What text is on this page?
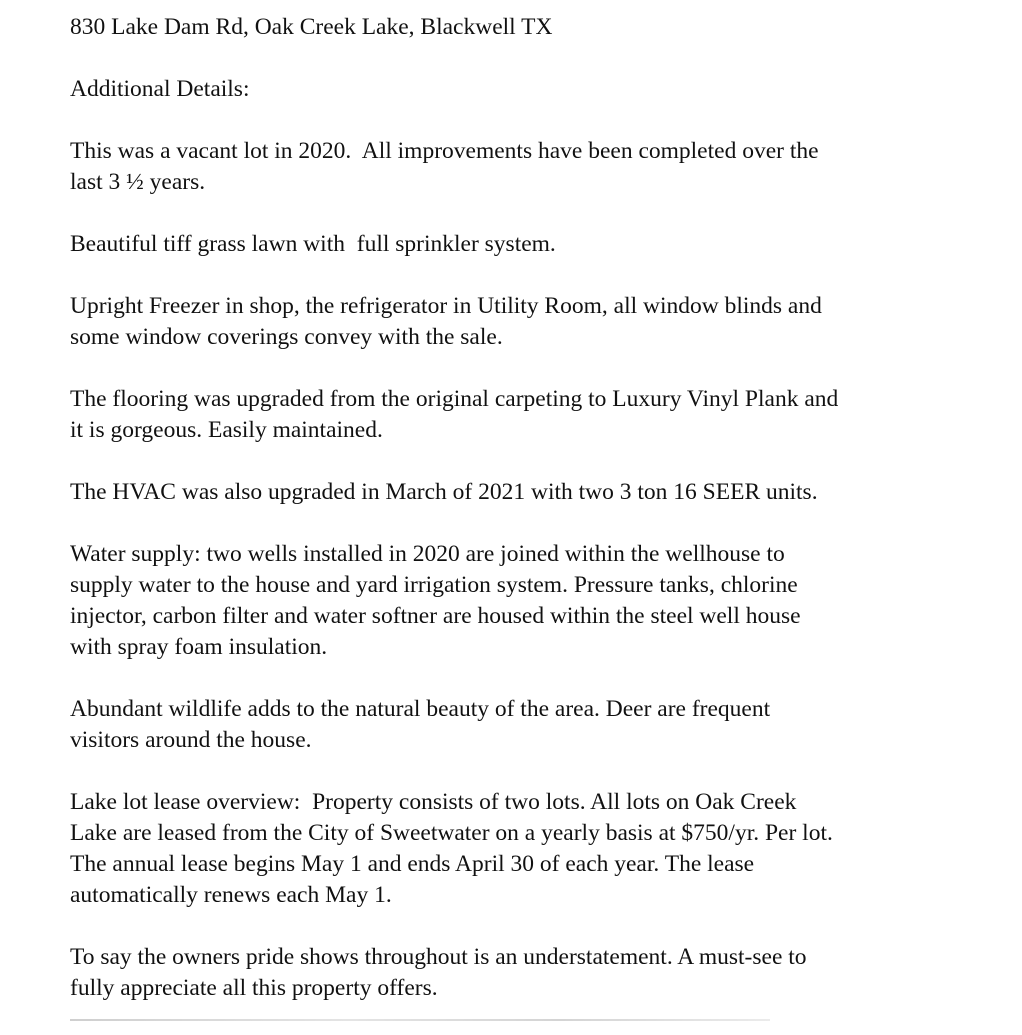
830 Lake Dam Rd, Oak Creek Lake, Blackwell TX

Additional Details:

This was a vacant lot in 2020.  All improvements have been completed over the
last 3 ½ years.

Beautiful tiff grass lawn with  full sprinkler system.

Upright Freezer in shop, the refrigerator in Utility Room, all window blinds and
some window coverings convey with the sale.

The flooring was upgraded from the original carpeting to Luxury Vinyl Plank and
it is gorgeous. Easily maintained.

The HVAC was also upgraded in March of 2021 with two 3 ton 16 SEER units.

Water supply: two wells installed in 2020 are joined within the wellhouse to
supply water to the house and yard irrigation system. Pressure tanks, chlorine
injector, carbon filter and water softner are housed within the steel well house
with spray foam insulation.

Abundant wildlife adds to the natural beauty of the area. Deer are frequent
visitors around the house.

Lake lot lease overview:  Property consists of two lots. All lots on Oak Creek
Lake are leased from the City of Sweetwater on a yearly basis at $750/yr. Per lot.
The annual lease begins May 1 and ends April 30 of each year. The lease
automatically renews each May 1.

To say the owners pride shows throughout is an understatement. A must-see to
fully appreciate all this property offers.
